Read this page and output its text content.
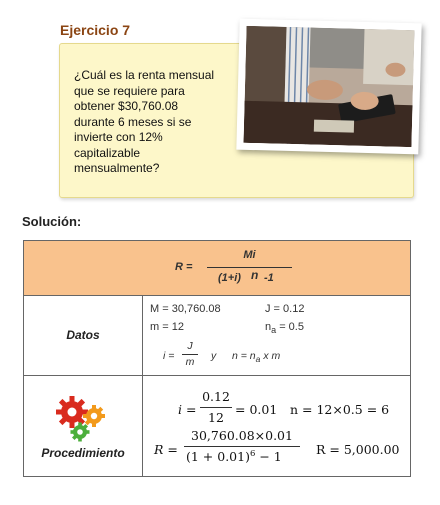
Ejercicio 7
¿Cuál es la renta mensual
que se requiere para
obtener $30,760.08
durante 6 meses si se
invierte con 12%
capitalizable
mensualmente?
Solución:
R =
Mi
(1+i) n -1
Datos
M = 30,760.08	J = 0.12
m = 12	$n_a = 0.5$
i =
J
m	y $n = n_a$ x m
Procedimiento
i =
0.12
12
= 0.01 n = 12×0.5 = 6
R =
30,760.08×0.01
$(1 + 0.01)^6 - 1$	R = 5,000.00
